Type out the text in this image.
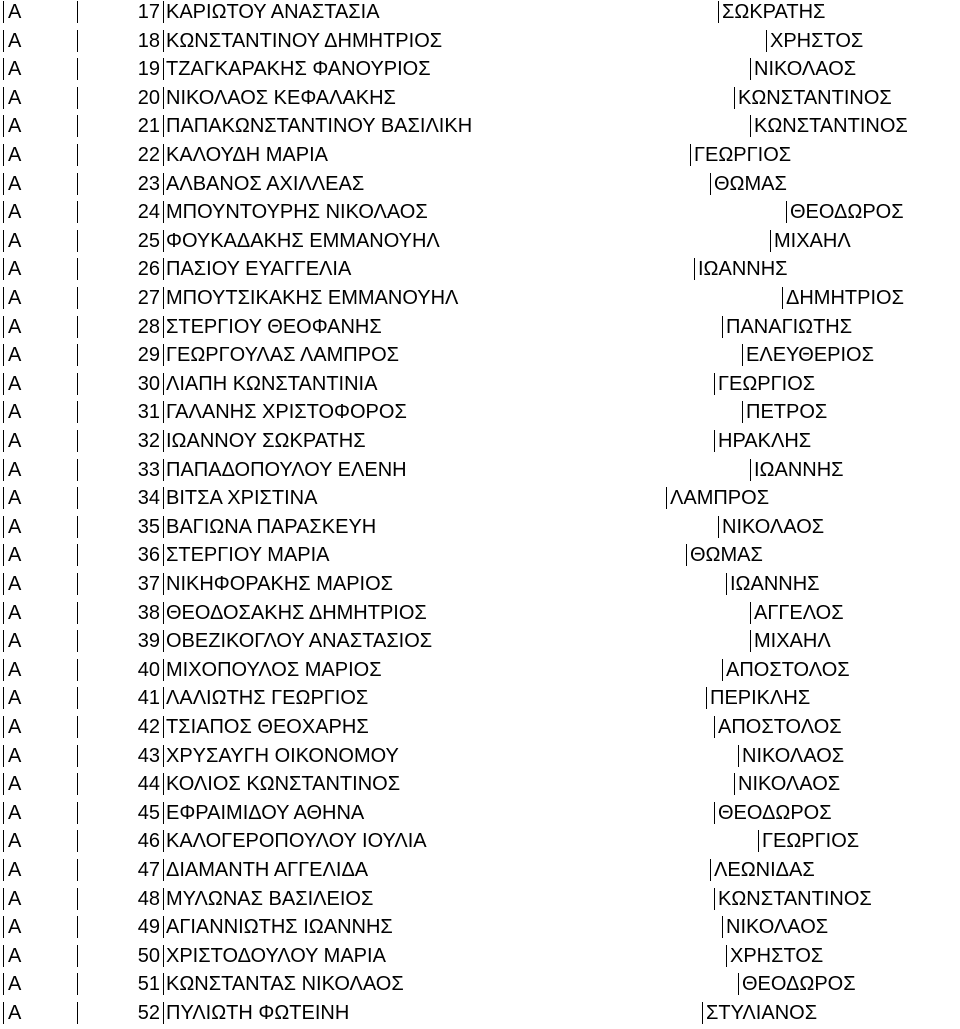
Α	17 ΚΑΡΙΩΤΟΥ ΑΝΑΣΤΑΣΙΑ	ΣΩΚΡΑΤΗΣ
Α	18 ΚΩΝΣΤΑΝΤΙΝΟΥ ΔΗΜΗΤΡΙΟΣ	ΧΡΗΣΤΟΣ
Α	19 ΤΖΑΓΚΑΡΑΚΗΣ ΦΑΝΟΥΡΙΟΣ	ΝΙΚΟΛΑΟΣ
Α	20 ΝΙΚΟΛΑΟΣ ΚΕΦΑΛΑΚΗΣ	ΚΩΝΣΤΑΝΤΙΝΟΣ
Α	21 ΠΑΠΑΚΩΝΣΤΑΝΤΙΝΟΥ ΒΑΣΙΛΙΚΗ	ΚΩΝΣΤΑΝΤΙΝΟΣ
Α	22 ΚΑΛΟΥΔΗ ΜΑΡΙΑ	ΓΕΩΡΓΙΟΣ
Α	23 ΑΛΒΑΝΟΣ ΑΧΙΛΛΕΑΣ	ΘΩΜΑΣ
Α	24 ΜΠΟΥΝΤΟΥΡΗΣ ΝΙΚΟΛΑΟΣ	ΘΕΟΔΩΡΟΣ
Α	25 ΦΟΥΚΑΔΑΚΗΣ ΕΜΜΑΝΟΥΗΛ	ΜΙΧΑΗΛ
Α	26 ΠΑΣΙΟΥ ΕΥΑΓΓΕΛΙΑ	ΙΩΑΝΝΗΣ
Α	27 ΜΠΟΥΤΣΙΚΑΚΗΣ ΕΜΜΑΝΟΥΗΛ	ΔΗΜΗΤΡΙΟΣ
Α	28 ΣΤΕΡΓΙΟΥ ΘΕΟΦΑΝΗΣ	ΠΑΝΑΓΙΩΤΗΣ
Α	29 ΓΕΩΡΓΟΥΛΑΣ ΛΑΜΠΡΟΣ	ΕΛΕΥΘΕΡΙΟΣ
Α	30 ΛΙΑΠΗ ΚΩΝΣΤΑΝΤΙΝΙΑ	ΓΕΩΡΓΙΟΣ
Α	31 ΓΑΛΑΝΗΣ ΧΡΙΣΤΟΦΟΡΟΣ	ΠΕΤΡΟΣ
Α	32 ΙΩΑΝΝΟΥ ΣΩΚΡΑΤΗΣ	ΗΡΑΚΛΗΣ
Α	33 ΠΑΠΑΔΟΠΟΥΛΟΥ ΕΛΕΝΗ	ΙΩΑΝΝΗΣ
Α	34 ΒΙΤΣΑ ΧΡΙΣΤΙΝΑ	ΛΑΜΠΡΟΣ
Α	35 ΒΑΓΙΩΝΑ ΠΑΡΑΣΚΕΥΗ	ΝΙΚΟΛΑΟΣ
Α	36 ΣΤΕΡΓΙΟΥ ΜΑΡΙΑ	ΘΩΜΑΣ
Α	37 ΝΙΚΗΦΟΡΑΚΗΣ ΜΑΡΙΟΣ	ΙΩΑΝΝΗΣ
Α	38 ΘΕΟΔΟΣΑΚΗΣ ΔΗΜΗΤΡΙΟΣ	ΑΓΓΕΛΟΣ
Α	39 ΟΒΕΖΙΚΟΓΛΟΥ ΑΝΑΣΤΑΣΙΟΣ	ΜΙΧΑΗΛ
Α	40 ΜΙΧΟΠΟΥΛΟΣ ΜΑΡΙΟΣ	ΑΠΟΣΤΟΛΟΣ
Α	41 ΛΑΛΙΩΤΗΣ ΓΕΩΡΓΙΟΣ	ΠΕΡΙΚΛΗΣ
Α	42 ΤΣΙΑΠΟΣ ΘΕΟΧΑΡΗΣ	ΑΠΟΣΤΟΛΟΣ
Α	43 ΧΡΥΣΑΥΓΗ ΟΙΚΟΝΟΜΟΥ	ΝΙΚΟΛΑΟΣ
Α	44 ΚΟΛΙΟΣ ΚΩΝΣΤΑΝΤΙΝΟΣ	ΝΙΚΟΛΑΟΣ
Α	45 ΕΦΡΑΙΜΙΔΟΥ ΑΘΗΝΑ	ΘΕΟΔΩΡΟΣ
Α	46 ΚΑΛΟΓΕΡΟΠΟΥΛΟΥ ΙΟΥΛΙΑ	ΓΕΩΡΓΙΟΣ
Α	47 ΔΙΑΜΑΝΤΗ ΑΓΓΕΛΙΔΑ	ΛΕΩΝΙΔΑΣ
Α	48 ΜΥΛΩΝΑΣ ΒΑΣΙΛΕΙΟΣ	ΚΩΝΣΤΑΝΤΙΝΟΣ
Α	49 ΑΓΙΑΝΝΙΩΤΗΣ ΙΩΑΝΝΗΣ	ΝΙΚΟΛΑΟΣ
Α	50 ΧΡΙΣΤΟΔΟΥΛΟΥ ΜΑΡΙΑ	ΧΡΗΣΤΟΣ
Α	51 ΚΩΝΣΤΑΝΤΑΣ ΝΙΚΟΛΑΟΣ	ΘΕΟΔΩΡΟΣ
Α	52 ΠΥΛΙΩΤΗ ΦΩΤΕΙΝΗ	ΣΤΥΛΙΑΝΟΣ
